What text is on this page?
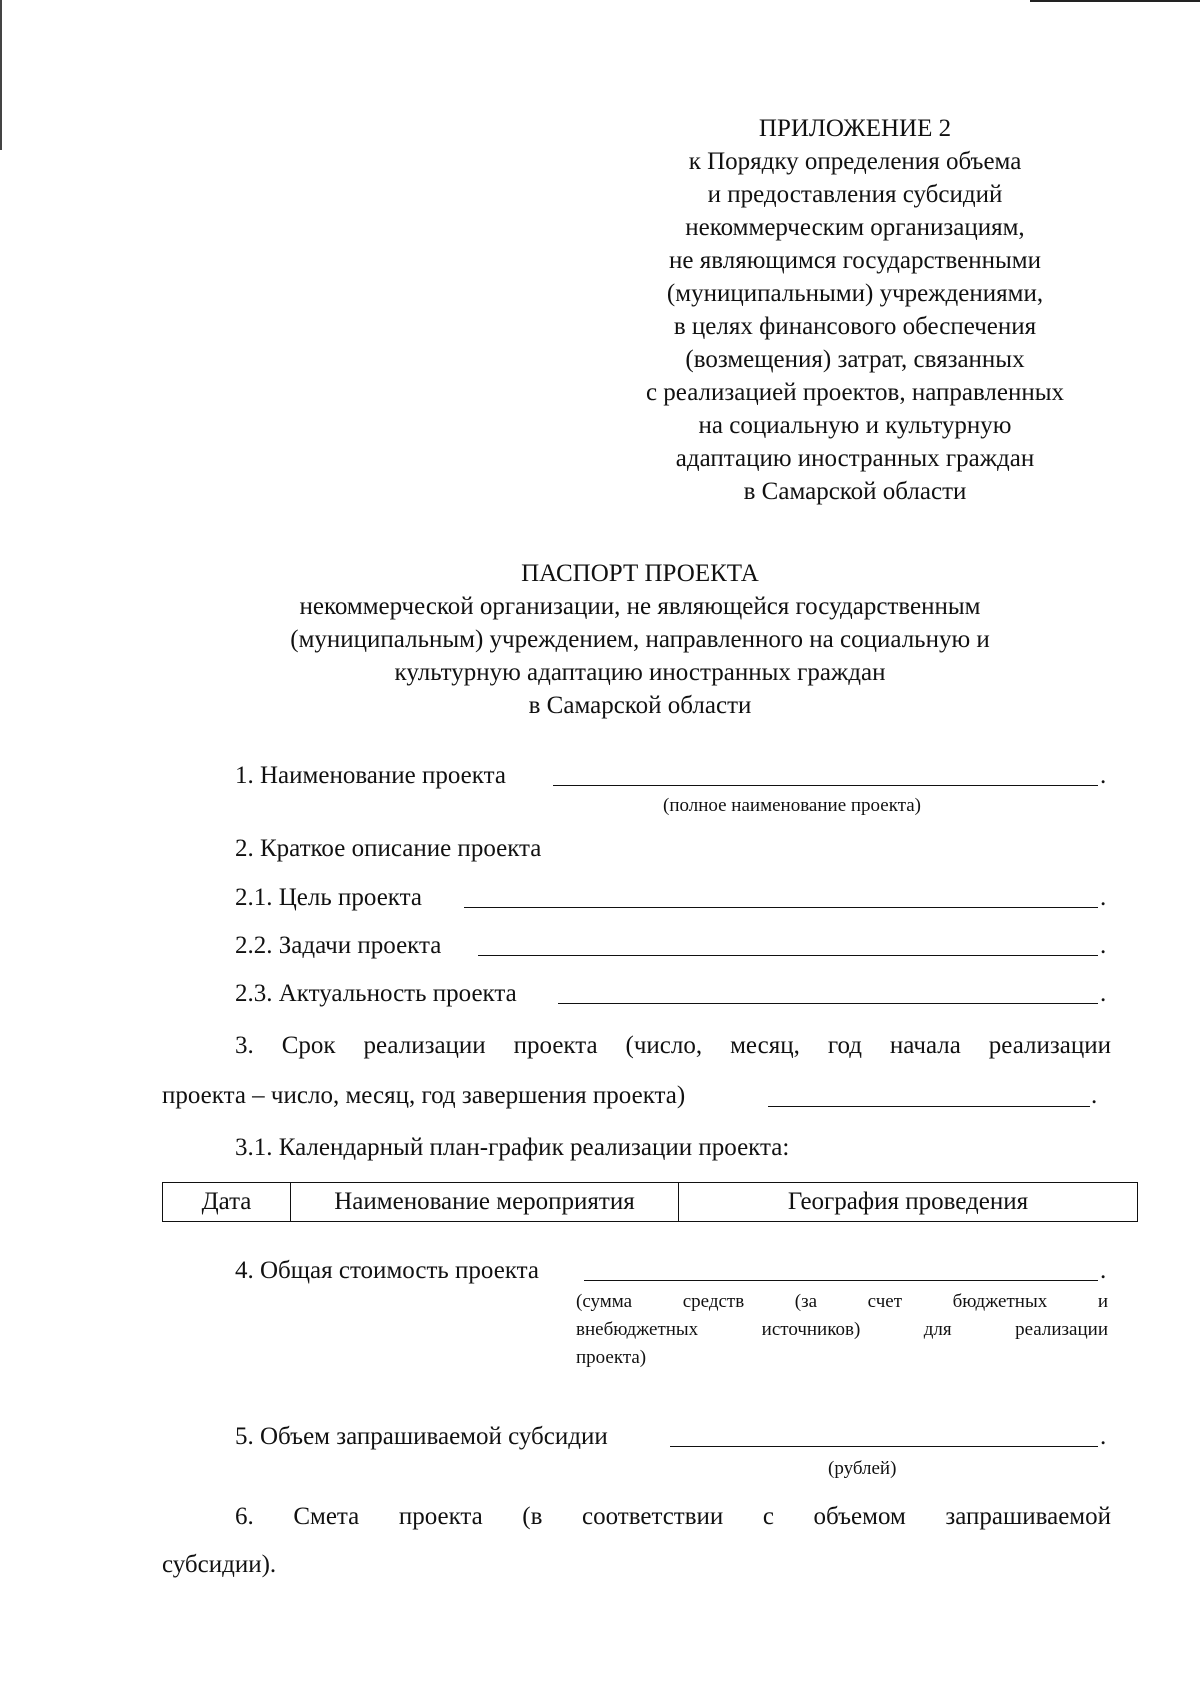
ПРИЛОЖЕНИЕ 2
к Порядку определения объема
и предоставления субсидий
некоммерческим организациям,
не являющимся государственными
(муниципальными) учреждениями,
в целях финансового обеспечения
(возмещения) затрат, связанных
с реализацией проектов, направленных
на социальную и культурную
адаптацию иностранных граждан
в Самарской области
ПАСПОРТ ПРОЕКТА
некоммерческой организации, не являющейся государственным
(муниципальным) учреждением, направленного на социальную и
культурную адаптацию иностранных граждан
в Самарской области
1. Наименование проекта	.
(полное наименование проекта)
2. Краткое описание проекта
2.1. Цель проекта	.
2.2. Задачи проекта	.
2.3. Актуальность проекта	.
3. Срок реализации проекта (число, месяц, год начала реализации
проекта – число, месяц, год завершения проекта)	.
3.1. Календарный план-график реализации проекта:
Дата	Наименование мероприятия	География проведения
4. Общая стоимость проекта	.
(сумма средств (за счет бюджетных и
внебюджетных источников) для реализации
проекта)
5. Объем запрашиваемой субсидии	.
(рублей)
6. Смета проекта (в соответствии с объемом запрашиваемой
субсидии).
